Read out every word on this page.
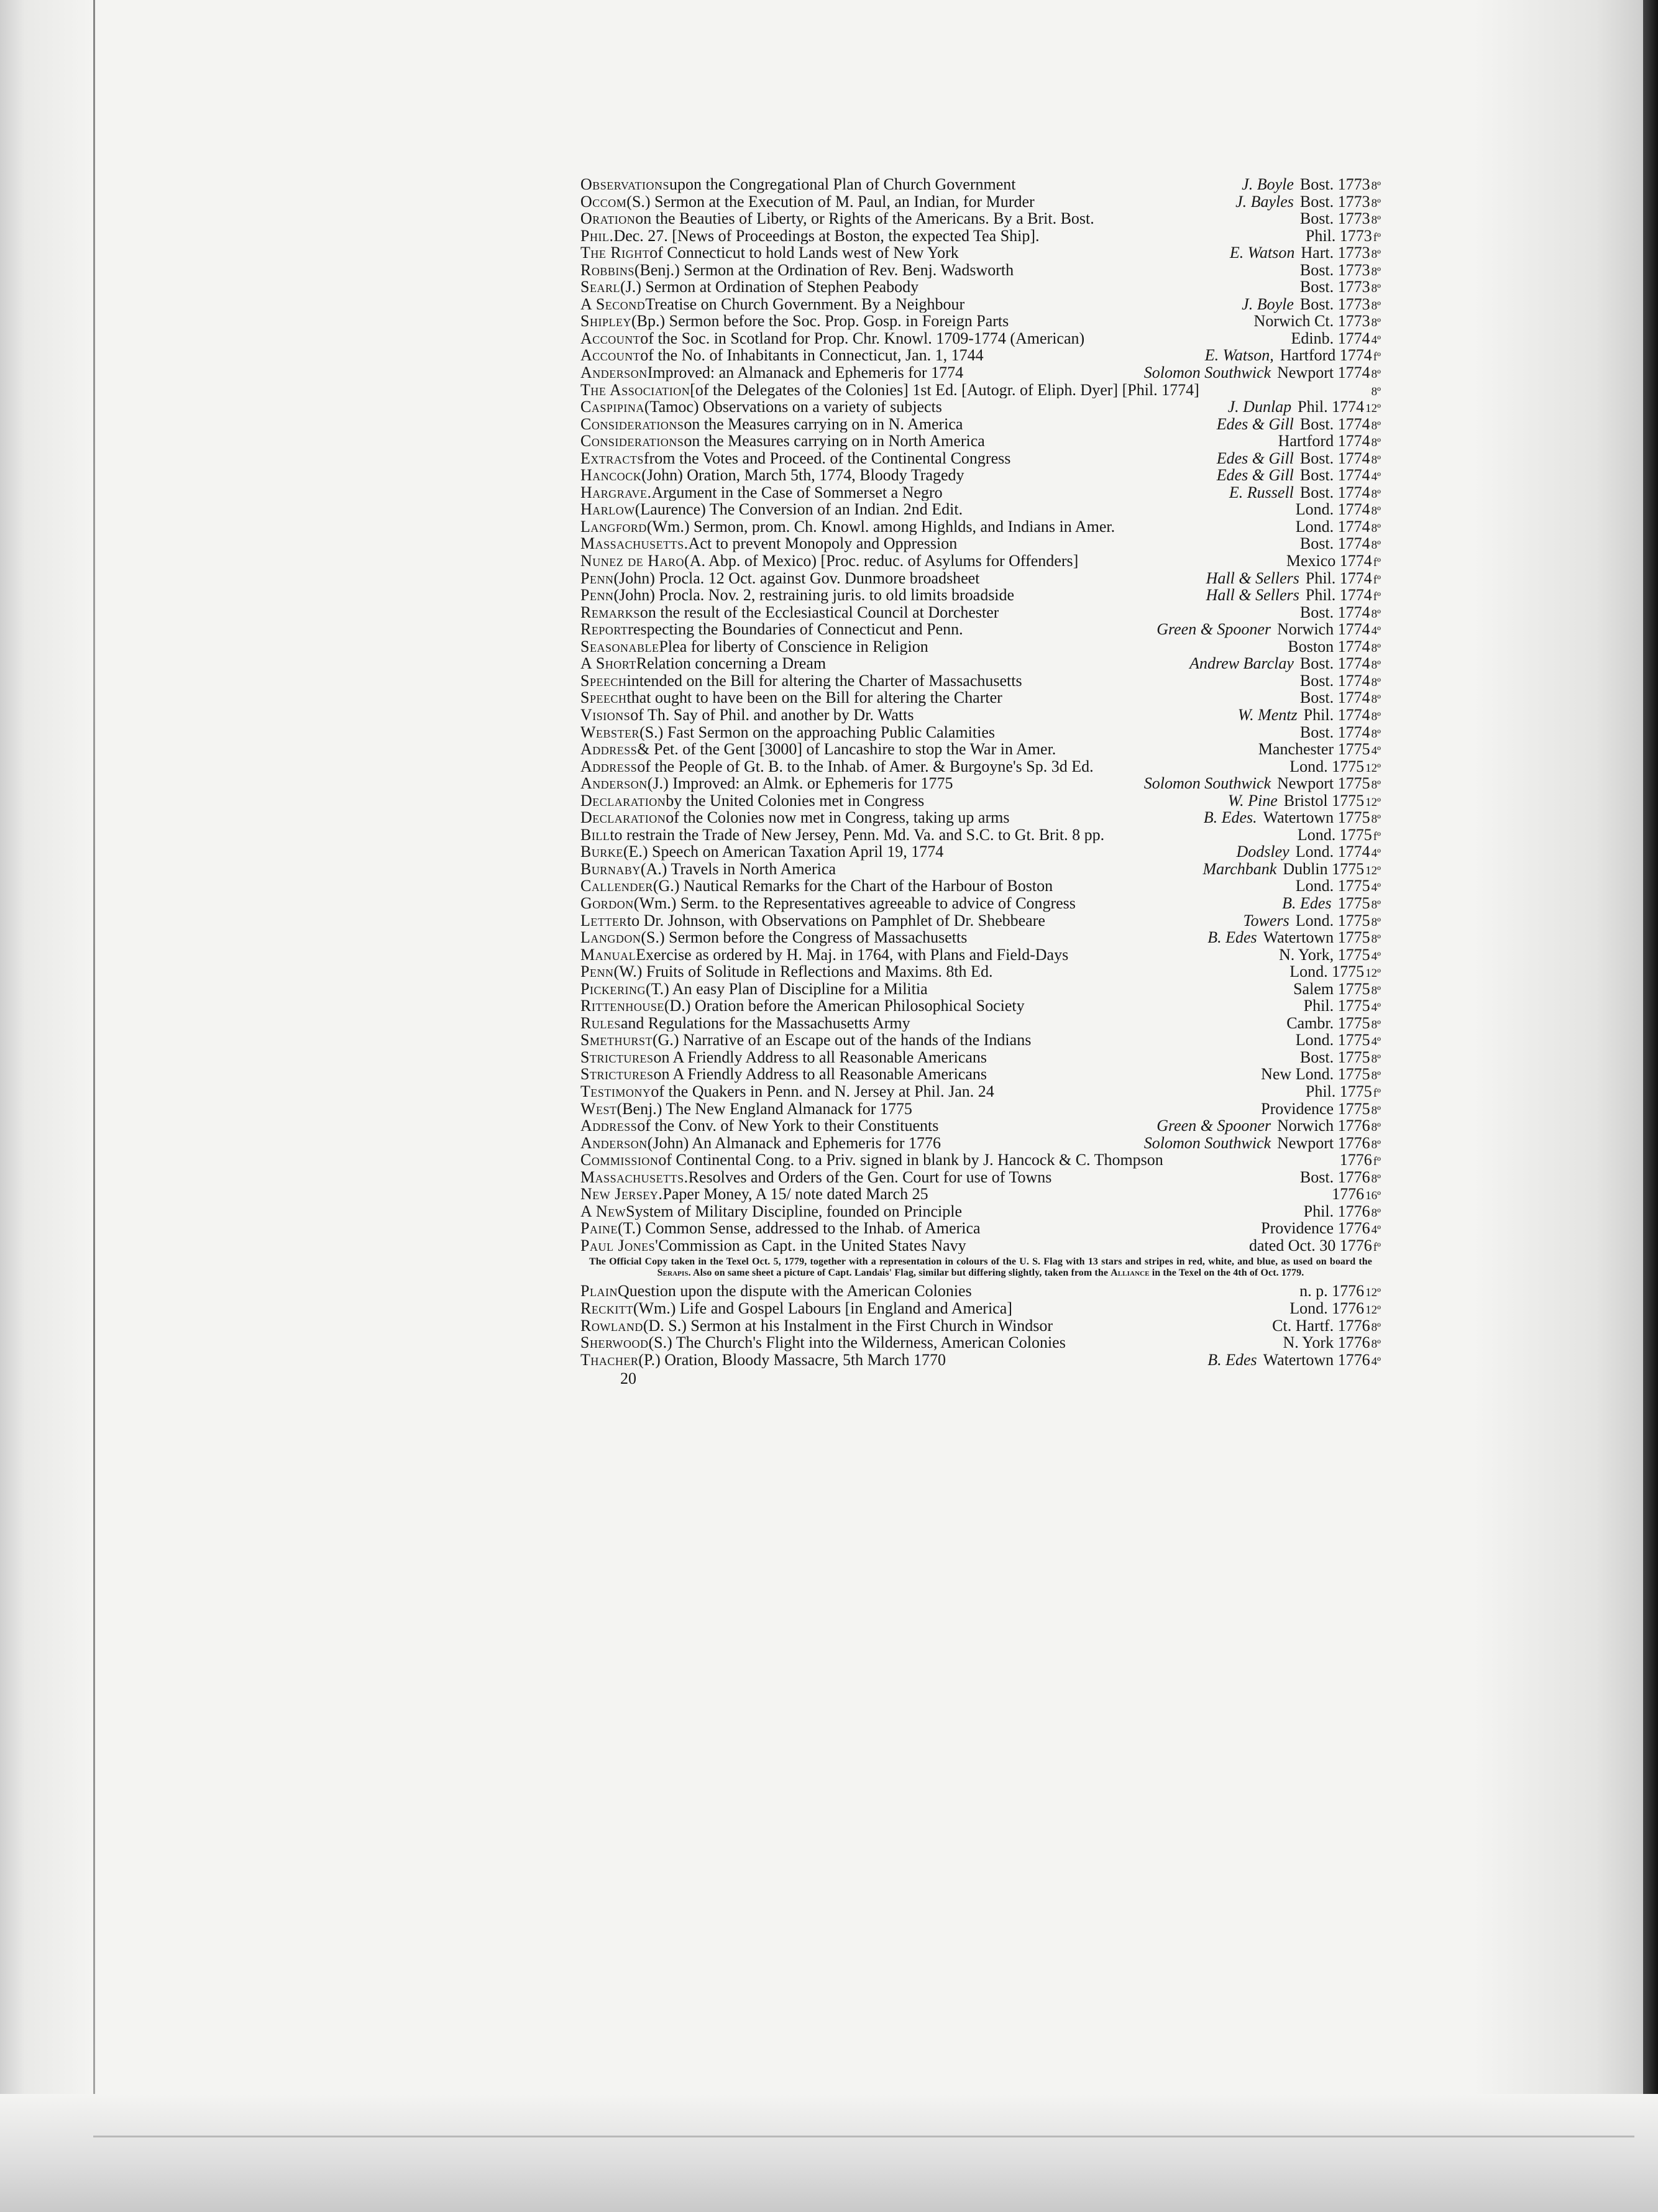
Observations upon the Congregational Plan of Church Government	J. Boyle Bost. 1773 8º
Occom (S.) Sermon at the Execution of M. Paul, an Indian, for Murder	J. Bayles Bost. 1773 8º
Oration on the Beauties of Liberty, or Rights of the Americans. By a Brit. Bost.	Bost. 1773 8º
Phil. Dec. 27. [News of Proceedings at Boston, the expected Tea Ship].	Phil. 1773 fº
The Right of Connecticut to hold Lands west of New York	E. Watson Hart. 1773 8º
Robbins (Benj.) Sermon at the Ordination of Rev. Benj. Wadsworth	Bost. 1773 8º
Searl (J.) Sermon at Ordination of Stephen Peabody	Bost. 1773 8º
A Second Treatise on Church Government. By a Neighbour	J. Boyle Bost. 1773 8º
Shipley (Bp.) Sermon before the Soc. Prop. Gosp. in Foreign Parts	Norwich Ct. 1773 8º
Account of the Soc. in Scotland for Prop. Chr. Knowl. 1709-1774 (American)	Edinb. 1774 4º
Account of the No. of Inhabitants in Connecticut, Jan. 1, 1744	E. Watson, Hartford 1774 fº
Anderson Improved: an Almanack and Ephemeris for 1774	Solomon Southwick Newport 1774 8º
The Association [of the Delegates of the Colonies] 1st Ed. [Autogr. of Eliph. Dyer] [Phil. 1774]	8º
Caspipina (Tamoc) Observations on a variety of subjects	J. Dunlap Phil. 1774 12º
Considerations on the Measures carrying on in N. America	Edes & Gill Bost. 1774 8º
Considerations on the Measures carrying on in North America	Hartford 1774 8º
Extracts from the Votes and Proceed. of the Continental Congress	Edes & Gill Bost. 1774 8º
Hancock (John) Oration, March 5th, 1774, Bloody Tragedy	Edes & Gill Bost. 1774 4º
Hargrave. Argument in the Case of Sommerset a Negro	E. Russell Bost. 1774 8º
Harlow (Laurence) The Conversion of an Indian. 2nd Edit.	Lond. 1774 8º
Langford (Wm.) Sermon, prom. Ch. Knowl. among Highlds, and Indians in Amer.	Lond. 1774 8º
Massachusetts. Act to prevent Monopoly and Oppression	Bost. 1774 8º
Nunez de Haro (A. Abp. of Mexico) [Proc. reduc. of Asylums for Offenders]	Mexico 1774 fº
Penn (John) Procla. 12 Oct. against Gov. Dunmore broadsheet	Hall & Sellers Phil. 1774 fº
Penn (John) Procla. Nov. 2, restraining juris. to old limits broadside	Hall & Sellers Phil. 1774 fº
Remarks on the result of the Ecclesiastical Council at Dorchester	Bost. 1774 8º
Report respecting the Boundaries of Connecticut and Penn.	Green & Spooner Norwich 1774 4º
Seasonable Plea for liberty of Conscience in Religion	Boston 1774 8º
A Short Relation concerning a Dream	Andrew Barclay Bost. 1774 8º
Speech intended on the Bill for altering the Charter of Massachusetts	Bost. 1774 8º
Speech that ought to have been on the Bill for altering the Charter	Bost. 1774 8º
Visions of Th. Say of Phil. and another by Dr. Watts	W. Mentz Phil. 1774 8º
Webster (S.) Fast Sermon on the approaching Public Calamities	Bost. 1774 8º
Address & Pet. of the Gent [3000] of Lancashire to stop the War in Amer.	Manchester 1775 4º
Address of the People of Gt. B. to the Inhab. of Amer. & Burgoyne's Sp. 3d Ed.	Lond. 1775 12º
Anderson (J.) Improved: an Almk. or Ephemeris for 1775	Solomon Southwick Newport 1775 8º
Declaration by the United Colonies met in Congress	W. Pine Bristol 1775 12º
Declaration of the Colonies now met in Congress, taking up arms	B. Edes. Watertown 1775 8º
Bill to restrain the Trade of New Jersey, Penn. Md. Va. and S.C. to Gt. Brit. 8 pp.	Lond. 1775 fº
Burke (E.) Speech on American Taxation April 19, 1774	Dodsley Lond. 1774 4º
Burnaby (A.) Travels in North America	Marchbank Dublin 1775 12º
Callender (G.) Nautical Remarks for the Chart of the Harbour of Boston	Lond. 1775 4º
Gordon (Wm.) Serm. to the Representatives agreeable to advice of Congress	B. Edes 1775 8º
Letter to Dr. Johnson, with Observations on Pamphlet of Dr. Shebbeare	Towers Lond. 1775 8º
Langdon (S.) Sermon before the Congress of Massachusetts	B. Edes Watertown 1775 8º
Manual Exercise as ordered by H. Maj. in 1764, with Plans and Field-Days	N. York, 1775 4º
Penn (W.) Fruits of Solitude in Reflections and Maxims. 8th Ed.	Lond. 1775 12º
Pickering (T.) An easy Plan of Discipline for a Militia	Salem 1775 8º
Rittenhouse (D.) Oration before the American Philosophical Society	Phil. 1775 4º
Rules and Regulations for the Massachusetts Army	Cambr. 1775 8º
Smethurst (G.) Narrative of an Escape out of the hands of the Indians	Lond. 1775 4º
Strictures on A Friendly Address to all Reasonable Americans	Bost. 1775 8º
Strictures on A Friendly Address to all Reasonable Americans	New Lond. 1775 8º
Testimony of the Quakers in Penn. and N. Jersey at Phil. Jan. 24	Phil. 1775 fº
West (Benj.) The New England Almanack for 1775	Providence 1775 8º
Address of the Conv. of New York to their Constituents	Green & Spooner Norwich 1776 8º
Anderson (John) An Almanack and Ephemeris for 1776	Solomon Southwick Newport 1776 8º
Commission of Continental Cong. to a Priv. signed in blank by J. Hancock & C. Thompson	1776 fº
Massachusetts. Resolves and Orders of the Gen. Court for use of Towns	Bost. 1776 8º
New Jersey. Paper Money, A 15/ note dated March 25	1776 16º
A New System of Military Discipline, founded on Principle	Phil. 1776 8º
Paine (T.) Common Sense, addressed to the Inhab. of America	Providence 1776 4º
Paul Jones' Commission as Capt. in the United States Navy	dated Oct. 30 1776 fº
The Official Copy taken in the Texel Oct. 5, 1779, together with a representation in colours of the U. S. Flag with 13 stars and stripes in red, white, and blue, as used on board the Serapis. Also on same sheet a picture of Capt. Landais' Flag, similar but differing slightly, taken from the Alliance in the Texel on the 4th of Oct. 1779.
Plain Question upon the dispute with the American Colonies	n. p. 1776 12º
Reckitt (Wm.) Life and Gospel Labours [in England and America]	Lond. 1776 12º
Rowland (D. S.) Sermon at his Instalment in the First Church in Windsor	Ct. Hartf. 1776 8º
Sherwood (S.) The Church's Flight into the Wilderness, American Colonies	N. York 1776 8º
Thacher (P.) Oration, Bloody Massacre, 5th March 1770	B. Edes Watertown 1776 4º
20
